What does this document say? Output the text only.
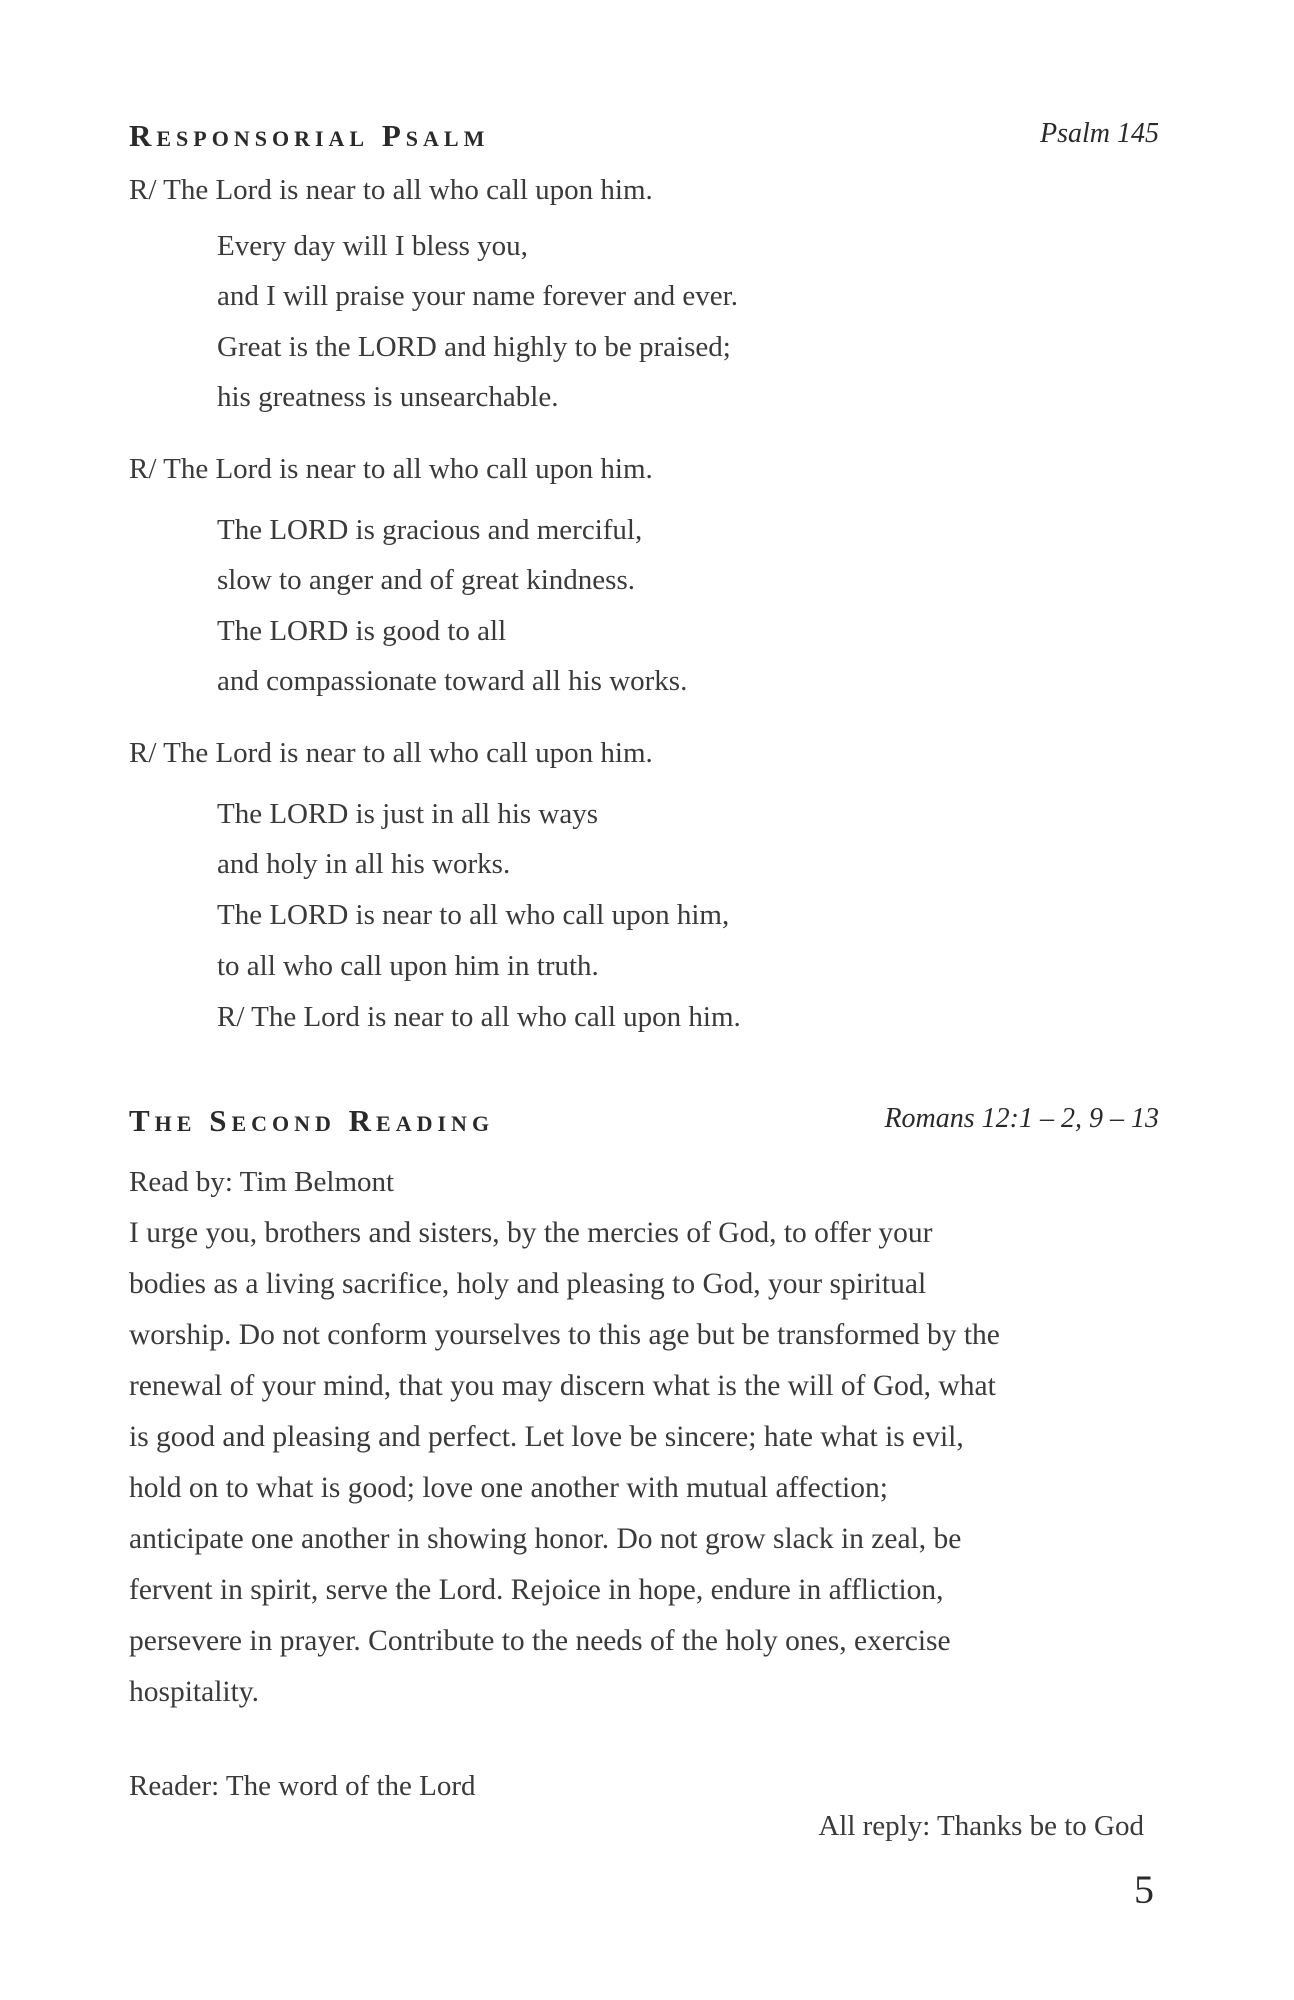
Responsorial Psalm	Psalm 145
R/ The Lord is near to all who call upon him.
Every day will I bless you,
and I will praise your name forever and ever.
Great is the LORD and highly to be praised;
his greatness is unsearchable.
R/ The Lord is near to all who call upon him.
The LORD is gracious and merciful,
slow to anger and of great kindness.
The LORD is good to all
and compassionate toward all his works.
R/ The Lord is near to all who call upon him.
The LORD is just in all his ways
and holy in all his works.
The LORD is near to all who call upon him,
to all who call upon him in truth.
R/ The Lord is near to all who call upon him.
The Second Reading	Romans 12:1 – 2, 9 – 13
Read by: Tim Belmont
I urge you, brothers and sisters, by the mercies of God, to offer your
bodies as a living sacrifice, holy and pleasing to God, your spiritual
worship. Do not conform yourselves to this age but be transformed by the
renewal of your mind, that you may discern what is the will of God, what
is good and pleasing and perfect. Let love be sincere; hate what is evil,
hold on to what is good; love one another with mutual affection;
anticipate one another in showing honor. Do not grow slack in zeal, be
fervent in spirit, serve the Lord. Rejoice in hope, endure in affliction,
persevere in prayer. Contribute to the needs of the holy ones, exercise
hospitality.
Reader: The word of the Lord
All reply: Thanks be to God
5
